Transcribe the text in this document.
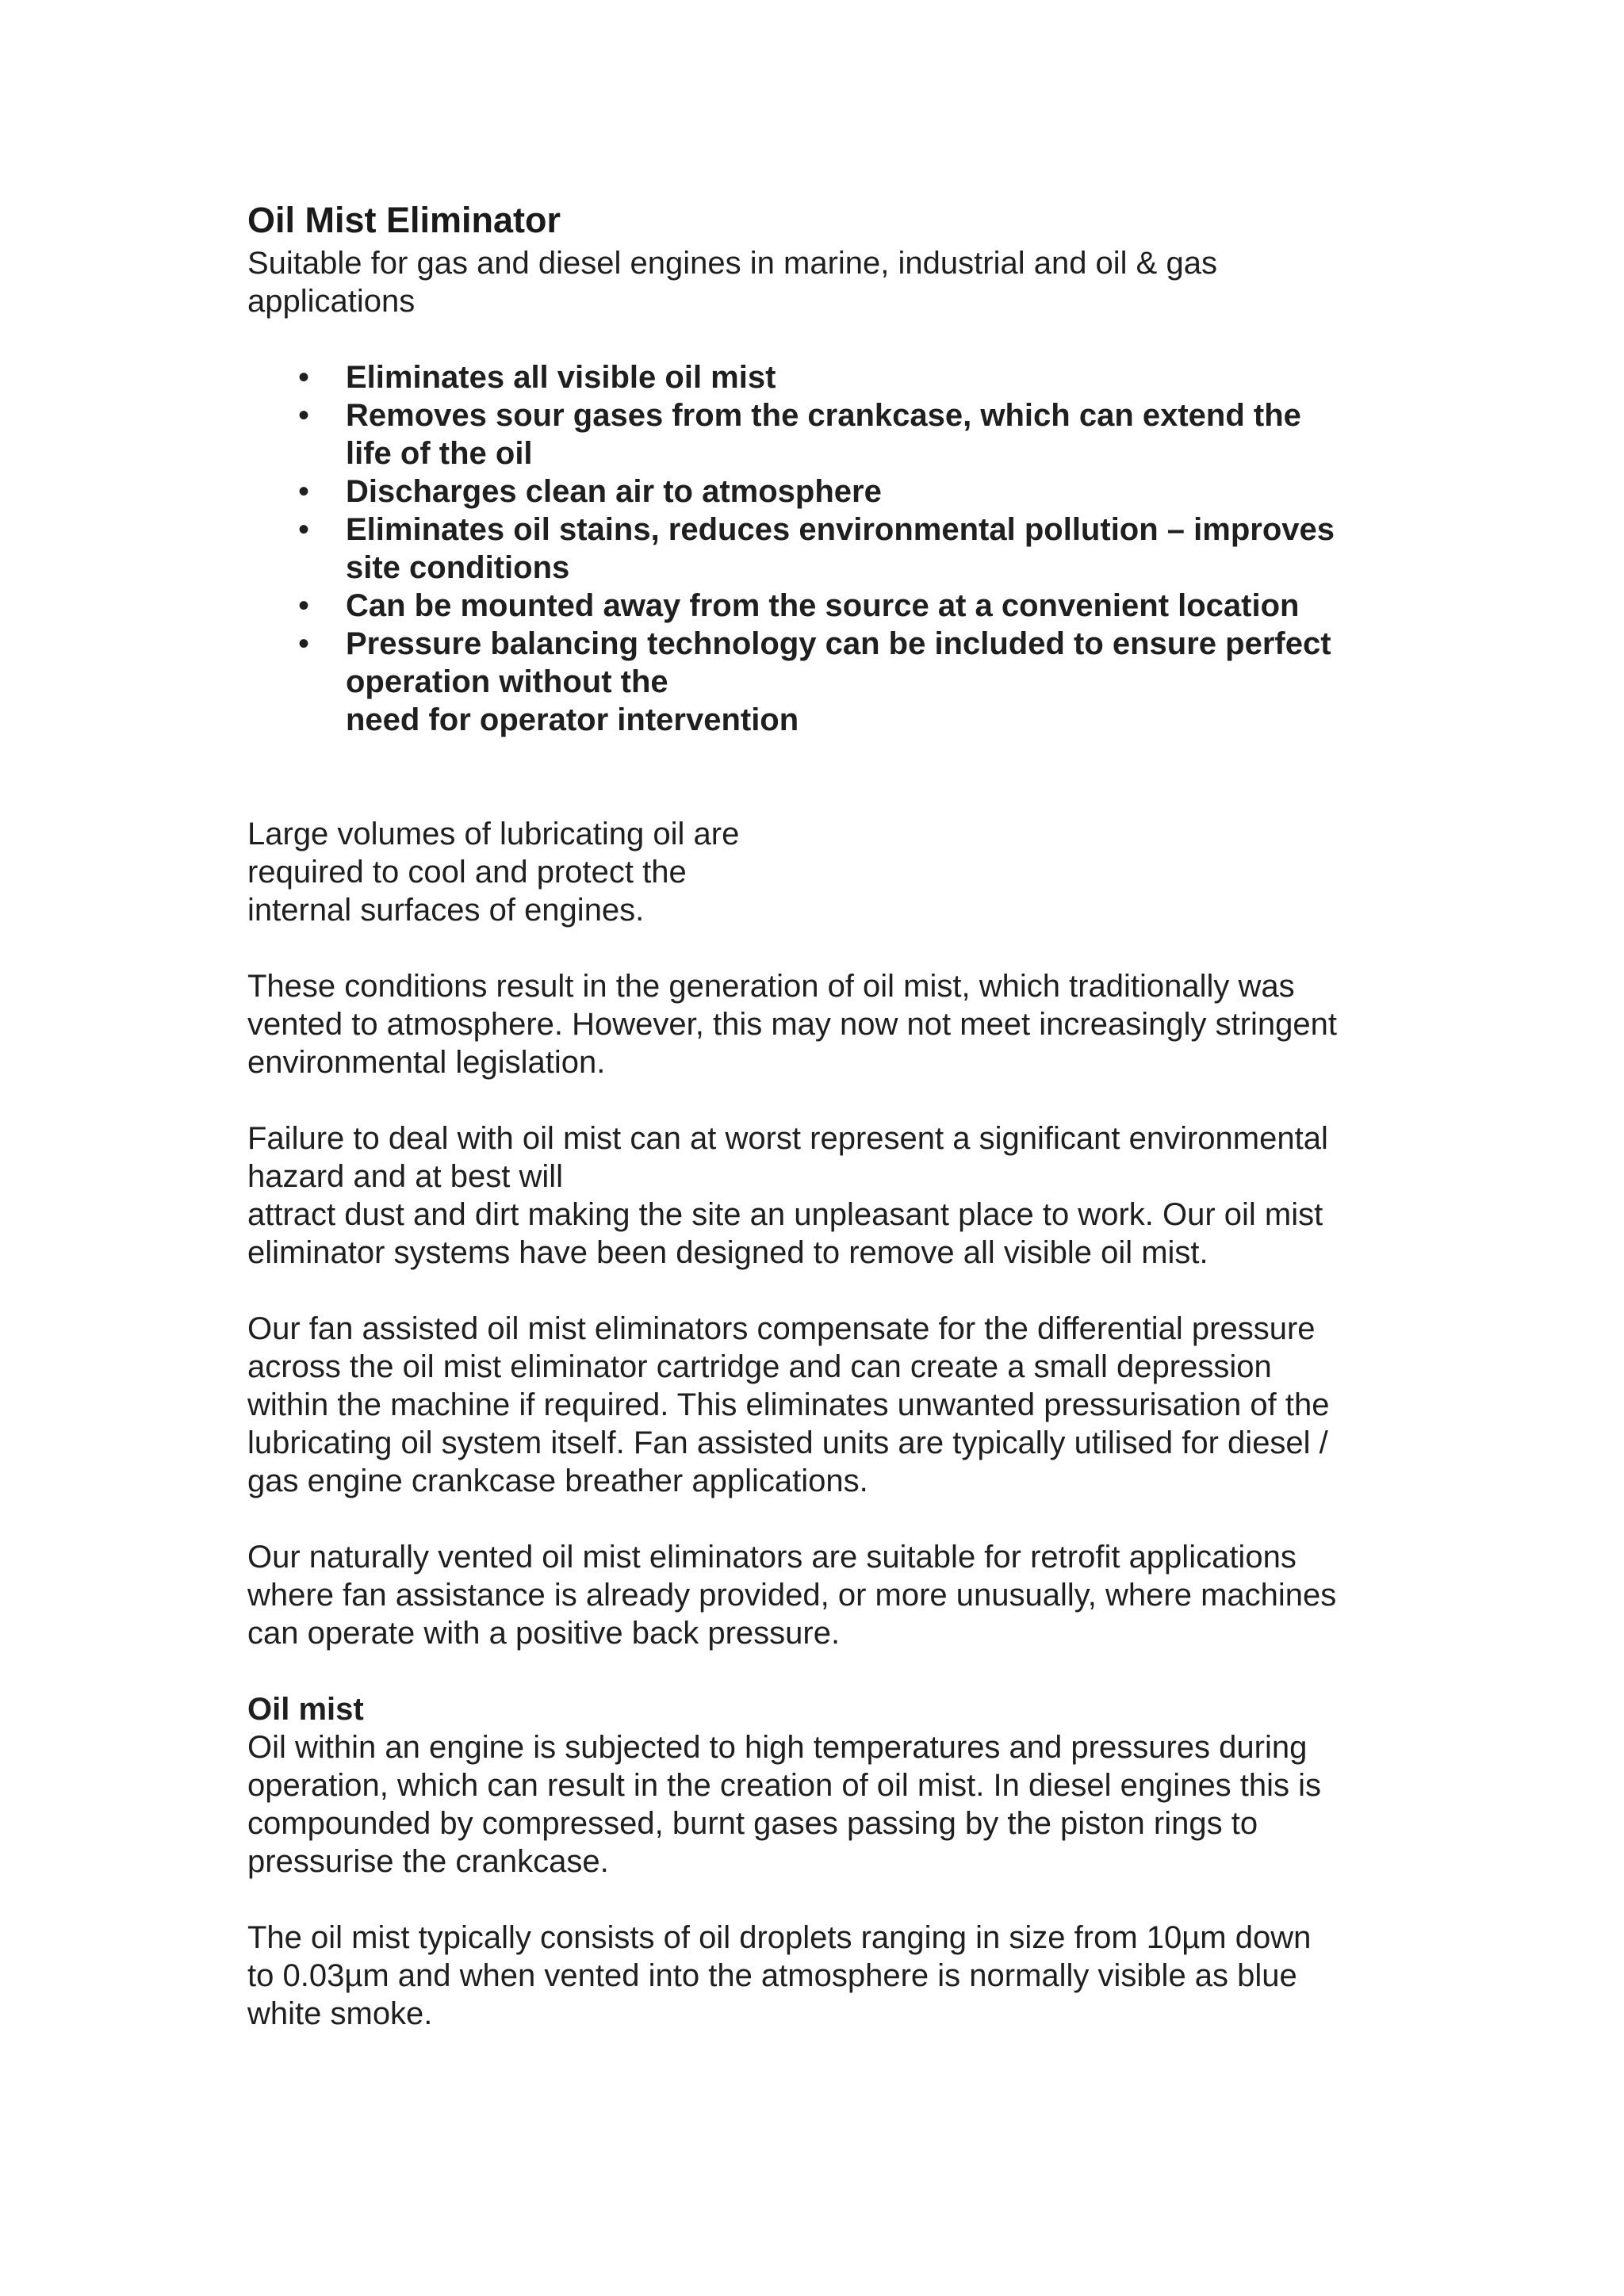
Oil Mist Eliminator

Suitable for gas and diesel engines in marine, industrial and oil & gas
applications

• Eliminates all visible oil mist
• Removes sour gases from the crankcase, which can extend the
life of the oil
• Discharges clean air to atmosphere
• Eliminates oil stains, reduces environmental pollution – improves
site conditions
• Can be mounted away from the source at a convenient location
• Pressure balancing technology can be included to ensure perfect
operation without the
need for operator intervention

Large volumes of lubricating oil are
required to cool and protect the
internal surfaces of engines.

These conditions result in the generation of oil mist, which traditionally was
vented to atmosphere. However, this may now not meet increasingly stringent
environmental legislation.

Failure to deal with oil mist can at worst represent a significant environmental
hazard and at best will
attract dust and dirt making the site an unpleasant place to work. Our oil mist
eliminator systems have been designed to remove all visible oil mist.

Our fan assisted oil mist eliminators compensate for the differential pressure
across the oil mist eliminator cartridge and can create a small depression
within the machine if required. This eliminates unwanted pressurisation of the
lubricating oil system itself. Fan assisted units are typically utilised for diesel /
gas engine crankcase breather applications.

Our naturally vented oil mist eliminators are suitable for retrofit applications
where fan assistance is already provided, or more unusually, where machines
can operate with a positive back pressure.

Oil mist

Oil within an engine is subjected to high temperatures and pressures during
operation, which can result in the creation of oil mist. In diesel engines this is
compounded by compressed, burnt gases passing by the piston rings to
pressurise the crankcase.

The oil mist typically consists of oil droplets ranging in size from 10µm down
to 0.03µm and when vented into the atmosphere is normally visible as blue
white smoke.
